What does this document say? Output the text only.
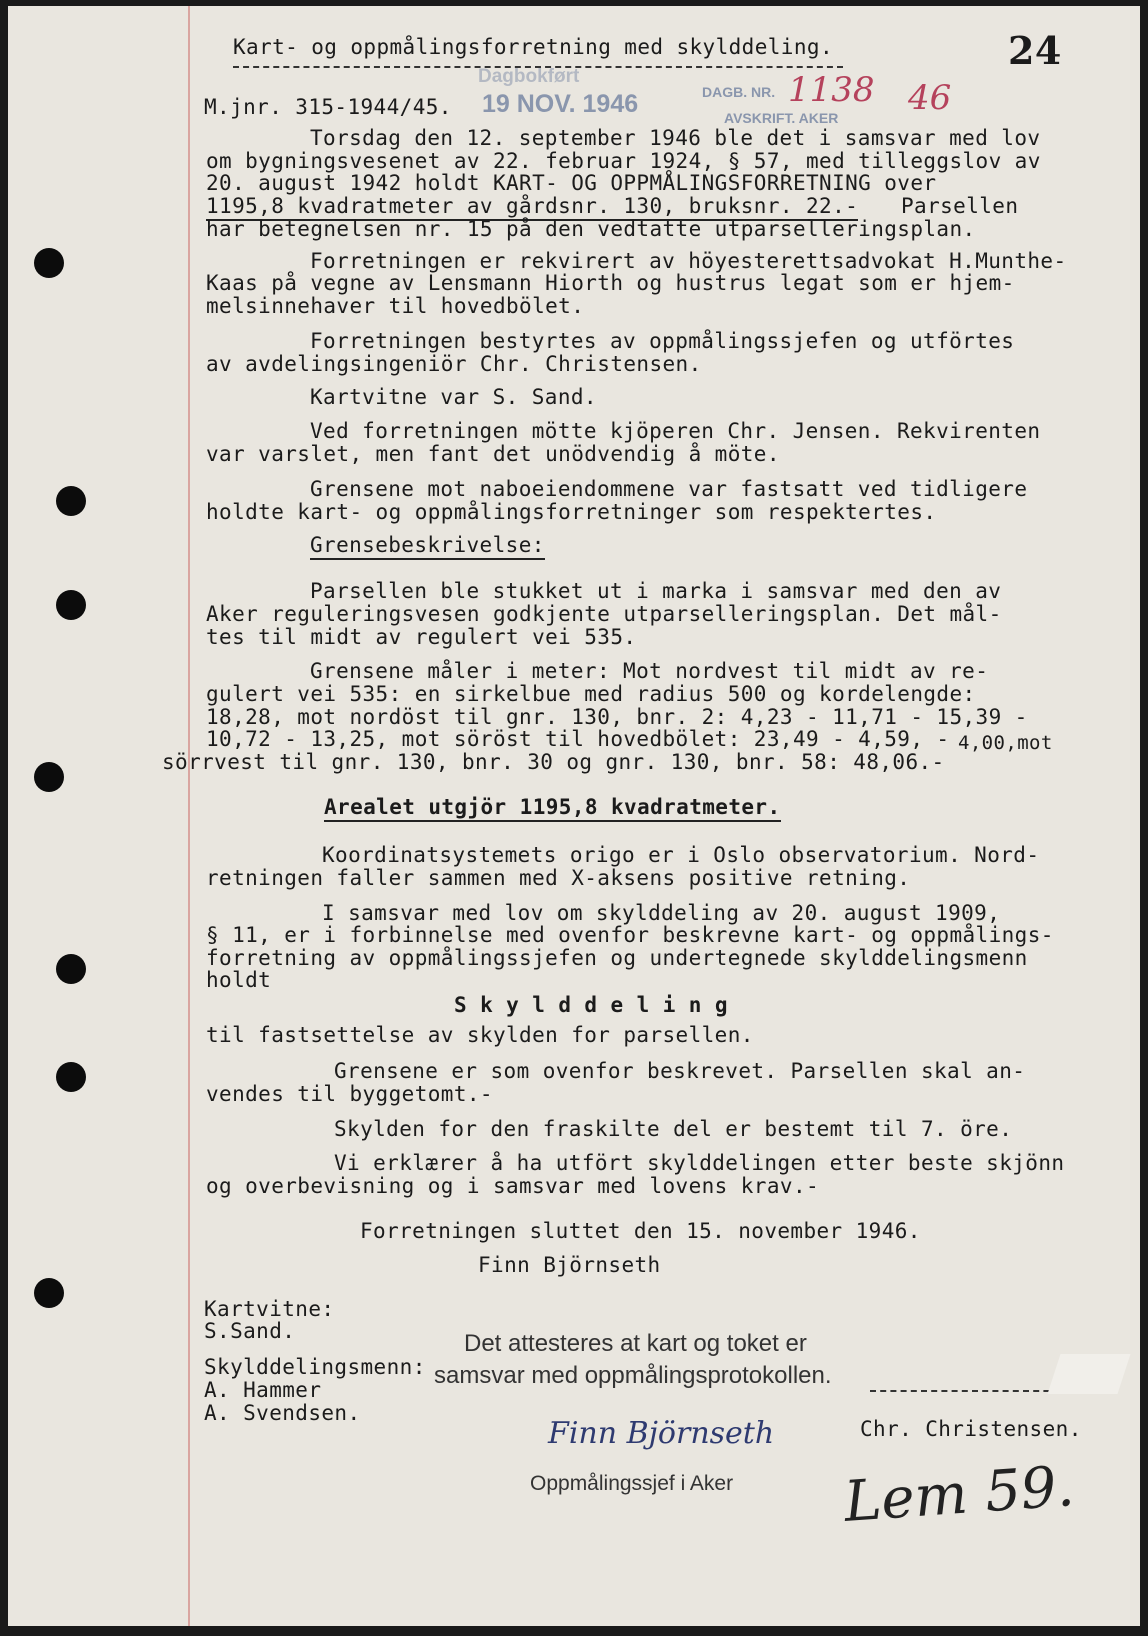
Kart- og oppmålingsforretning med skylddeling.	24
Dagbokført
19 NOV. 1946	DAGB. NR. 1138 46
AVSKRIFT. AKER
M.jnr. 315-1944/45.
Torsdag den 12. september 1946 ble det i samsvar med lov
om bygningsvesenet av 22. februar 1924, § 57, med tilleggslov av
20. august 1942 holdt KART- OG OPPMÅLINGSFORRETNING over
1195,8 kvadratmeter av gårdsnr. 130, bruksnr. 22.- Parsellen
har betegnelsen nr. 15 på den vedtatte utparselleringsplan.
Forretningen er rekvirert av höyesterettsadvokat H.Munthe-
Kaas på vegne av Lensmann Hiorth og hustrus legat som er hjem-
melsinnehaver til hovedbölet.
Forretningen bestyrtes av oppmålingssjefen og utförtes
av avdelingsingeniör Chr. Christensen.
Kartvitne var S. Sand.
Ved forretningen mötte kjöperen Chr. Jensen. Rekvirenten
var varslet, men fant det unödvendig å möte.
Grensene mot naboeiendommene var fastsatt ved tidligere
holdte kart- og oppmålingsforretninger som respektertes.
Grensebeskrivelse:
Parsellen ble stukket ut i marka i samsvar med den av
Aker reguleringsvesen godkjente utparselleringsplan. Det mål-
tes til midt av regulert vei 535.
Grensene måler i meter: Mot nordvest til midt av re-
gulert vei 535: en sirkelbue med radius 500 og kordelengde:
18,28, mot nordöst til gnr. 130, bnr. 2: 4,23 - 11,71 - 15,39 -
10,72 - 13,25, mot söröst til hovedbölet: 23,49 - 4,59, - 4,00,mot
sörrvest til gnr. 130, bnr. 30 og gnr. 130, bnr. 58: 48,06.-
Arealet utgjör 1195,8 kvadratmeter.
Koordinatsystemets origo er i Oslo observatorium. Nord-
retningen faller sammen med X-aksens positive retning.
I samsvar med lov om skylddeling av 20. august 1909,
§ 11, er i forbinnelse med ovenfor beskrevne kart- og oppmålings-
forretning av oppmålingssjefen og undertegnede skylddelingsmenn
holdt
S k y l d d e l i n g
til fastsettelse av skylden for parsellen.
Grensene er som ovenfor beskrevet. Parsellen skal an-
vendes til byggetomt.-
Skylden for den fraskilte del er bestemt til 7. öre.
Vi erklærer å ha utfört skylddelingen etter beste skjönn
og overbevisning og i samsvar med lovens krav.-
Forretningen sluttet den 15. november 1946.
Finn Björnseth
Kartvitne:
S.Sand.
Skylddelingsmenn:
A. Hammer
A. Svendsen.
Chr. Christensen.
Det attesteres at kart og toket er
samsvar med oppmålingsprotokollen.
Finn Björnseth
Oppmålingssjef i Aker Lem 59.
